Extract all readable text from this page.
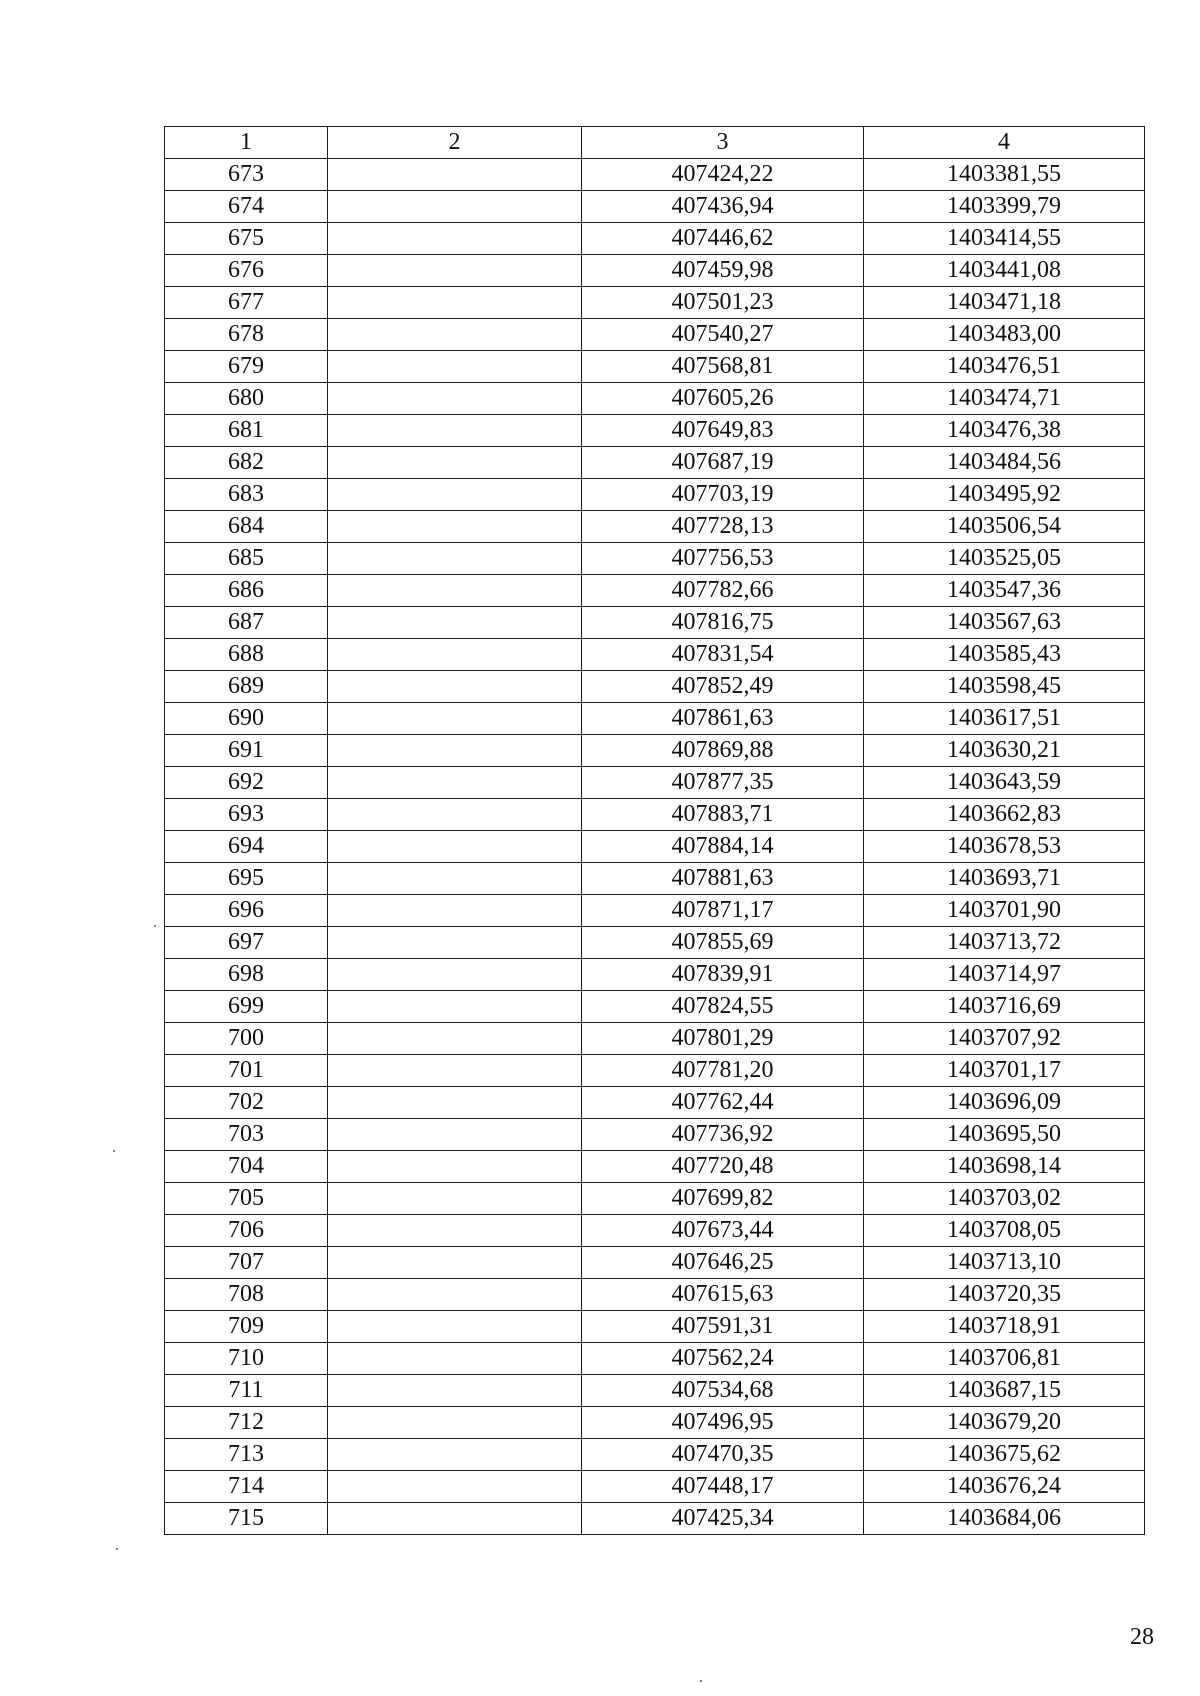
1	2	3	4
673		407424,22	1403381,55
674		407436,94	1403399,79
675		407446,62	1403414,55
676		407459,98	1403441,08
677		407501,23	1403471,18
678		407540,27	1403483,00
679		407568,81	1403476,51
680		407605,26	1403474,71
681		407649,83	1403476,38
682		407687,19	1403484,56
683		407703,19	1403495,92
684		407728,13	1403506,54
685		407756,53	1403525,05
686		407782,66	1403547,36
687		407816,75	1403567,63
688		407831,54	1403585,43
689		407852,49	1403598,45
690		407861,63	1403617,51
691		407869,88	1403630,21
692		407877,35	1403643,59
693		407883,71	1403662,83
694		407884,14	1403678,53
695		407881,63	1403693,71
696		407871,17	1403701,90
697		407855,69	1403713,72
698		407839,91	1403714,97
699		407824,55	1403716,69
700		407801,29	1403707,92
701		407781,20	1403701,17
702		407762,44	1403696,09
703		407736,92	1403695,50
704		407720,48	1403698,14
705		407699,82	1403703,02
706		407673,44	1403708,05
707		407646,25	1403713,10
708		407615,63	1403720,35
709		407591,31	1403718,91
710		407562,24	1403706,81
711		407534,68	1403687,15
712		407496,95	1403679,20
713		407470,35	1403675,62
714		407448,17	1403676,24
715		407425,34	1403684,06
28
